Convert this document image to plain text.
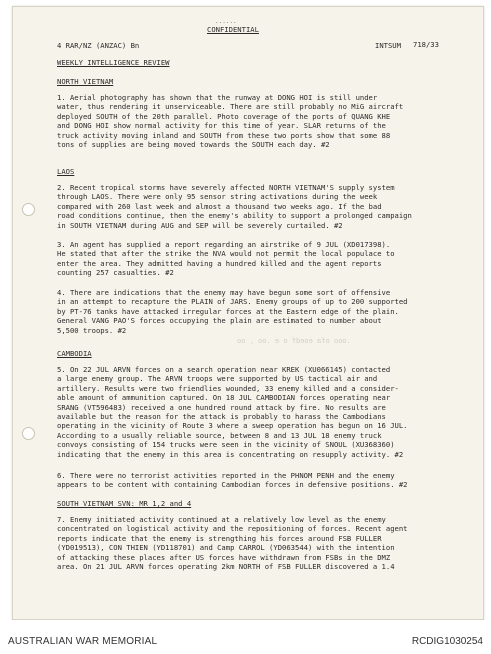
......
CONFIDENTIAL
4 RAR/NZ (ANZAC) Bn	INTSUM 718/33
WEEKLY INTELLIGENCE REVIEW
NORTH VIETNAM
1. Aerial photography has shown that the runway at DONG HOI is still under
water, thus rendering it unserviceable. There are still probably no MiG aircraft
deployed SOUTH of the 20th parallel. Photo coverage of the ports of QUANG KHE
and DONG HOI show normal activity for this time of year. SLAR returns of the
truck activity moving inland and SOUTH from these two ports show that some 88
tons of supplies are being moved towards the SOUTH each day. #2
LAOS
2. Recent tropical storms have severely affected NORTH VIETNAM'S supply system
through LAOS. There were only 95 sensor string activations during the week
compared with 260 last week and almost a thousand two weeks ago. If the bad
road conditions continue, then the enemy's ability to support a prolonged campaign
in SOUTH VIETNAM during AUG and SEP will be severely curtailed. #2
3. An agent has supplied a report regarding an airstrike of 9 JUL (XD017398).
He stated that after the strike the NVA would not permit the local populace to
enter the area. They admitted having a hundred killed and the agent reports
counting 257 casualties. #2
4. There are indications that the enemy may have begun some sort of offensive
in an attempt to recapture the PLAIN of JARS. Enemy groups of up to 200 supported
by PT-76 tanks have attacked irregular forces at the Eastern edge of the plain.
General VANG PAO'S forces occupying the plain are estimated to number about
5,500 troops. #2
.ooo ofa eoedf o e .oo , oo
CAMBODIA
5. On 22 JUL ARVN forces on a search operation near KREK (XU066145) contacted
a large enemy group. The ARVN troops were supported by US tactical air and
artillery. Results were two friendlies wounded, 33 enemy killed and a consider-
able amount of ammunition captured. On 18 JUL CAMBODIAN forces operating near
SRANG (VT596483) received a one hundred round attack by fire. No results are
available but the reason for the attack is probably to harass the Cambodians
operating in the vicinity of Route 3 where a sweep operation has begun on 16 JUL.
According to a usually reliable source, between 8 and 13 JUL 18 enemy truck
convoys consisting of 154 trucks were seen in the vicinity of SNOUL (XU368360)
indicating that the enemy in this area is concentrating on resupply activity. #2
6. There were no terrorist activities reported in the PHNOM PENH and the enemy
appears to be content with containing Cambodian forces in defensive positions. #2
SOUTH VIETNAM SVN: MR 1,2 and 4
7. Enemy initiated activity continued at a relatively low level as the enemy
concentrated on logistical activity and the repositioning of forces. Recent agent
reports indicate that the enemy is strengthing his forces around FSB FULLER
(YD019513), CON THIEN (YD118701) and Camp CARROL (YD063544) with the intention
of attacking these places after US forces have withdrawn from FSBs in the DMZ
area. On 21 JUL ARVN forces operating 2km NORTH of FSB FULLER discovered a 1.4
AUSTRALIAN WAR MEMORIAL	RCDIG1030254
